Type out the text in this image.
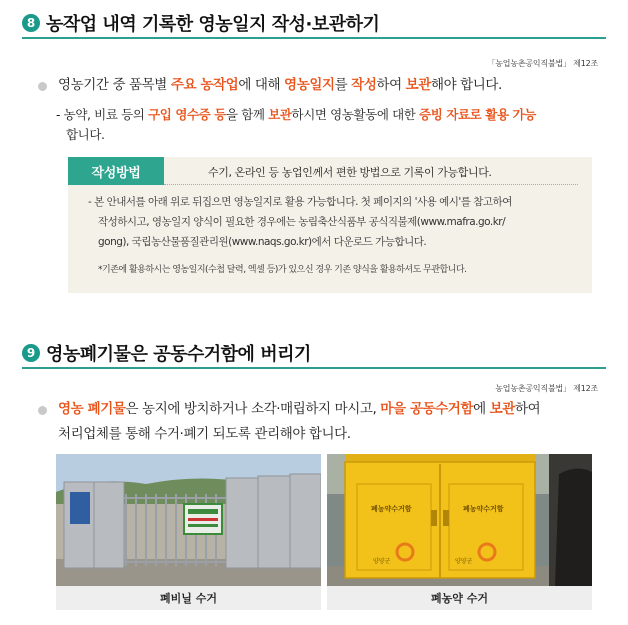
8 농작업 내역 기록한 영농일지 작성·보관하기
「농업농촌공익직불법」 제12조
영농기간 중 품목별 주요 농작업에 대해 영농일지를 작성하여 보관해야 합니다.
- 농약, 비료 등의 구입 영수증 등을 함께 보관하시면 영농활동에 대한 증빙 자료로 활용 가능
합니다.
작성방법	수기, 온라인 등 농업인께서 편한 방법으로 기록이 가능합니다.
- 본 안내서를 아래 위로 뒤집으면 영농일지로 활용 가능합니다. 첫 페이지의 '사용 예시'를 참고하여
작성하시고, 영농일지 양식이 필요한 경우에는 농림축산식품부 공식직불제(www.mafra.go.kr/
gong), 국립농산물품질관리원(www.naqs.go.kr)에서 다운로드 가능합니다.
*기존에 활용하시는 영농일지(수첩 달력, 엑셀 등)가 있으신 경우 기존 양식을 활용하셔도 무관합니다.
9 영농폐기물은 공동수거함에 버리기
농업농촌공익직불법」 제12조
영농 폐기물은 농지에 방치하거나 소각·매립하지 마시고, 마을 공동수거함에 보관하여
처리업체를 통해 수거·폐기 되도록 관리해야 합니다.
폐비닐 수거
폐농약수거함	폐농약수거함
양양군	양양군
폐농약 수거
